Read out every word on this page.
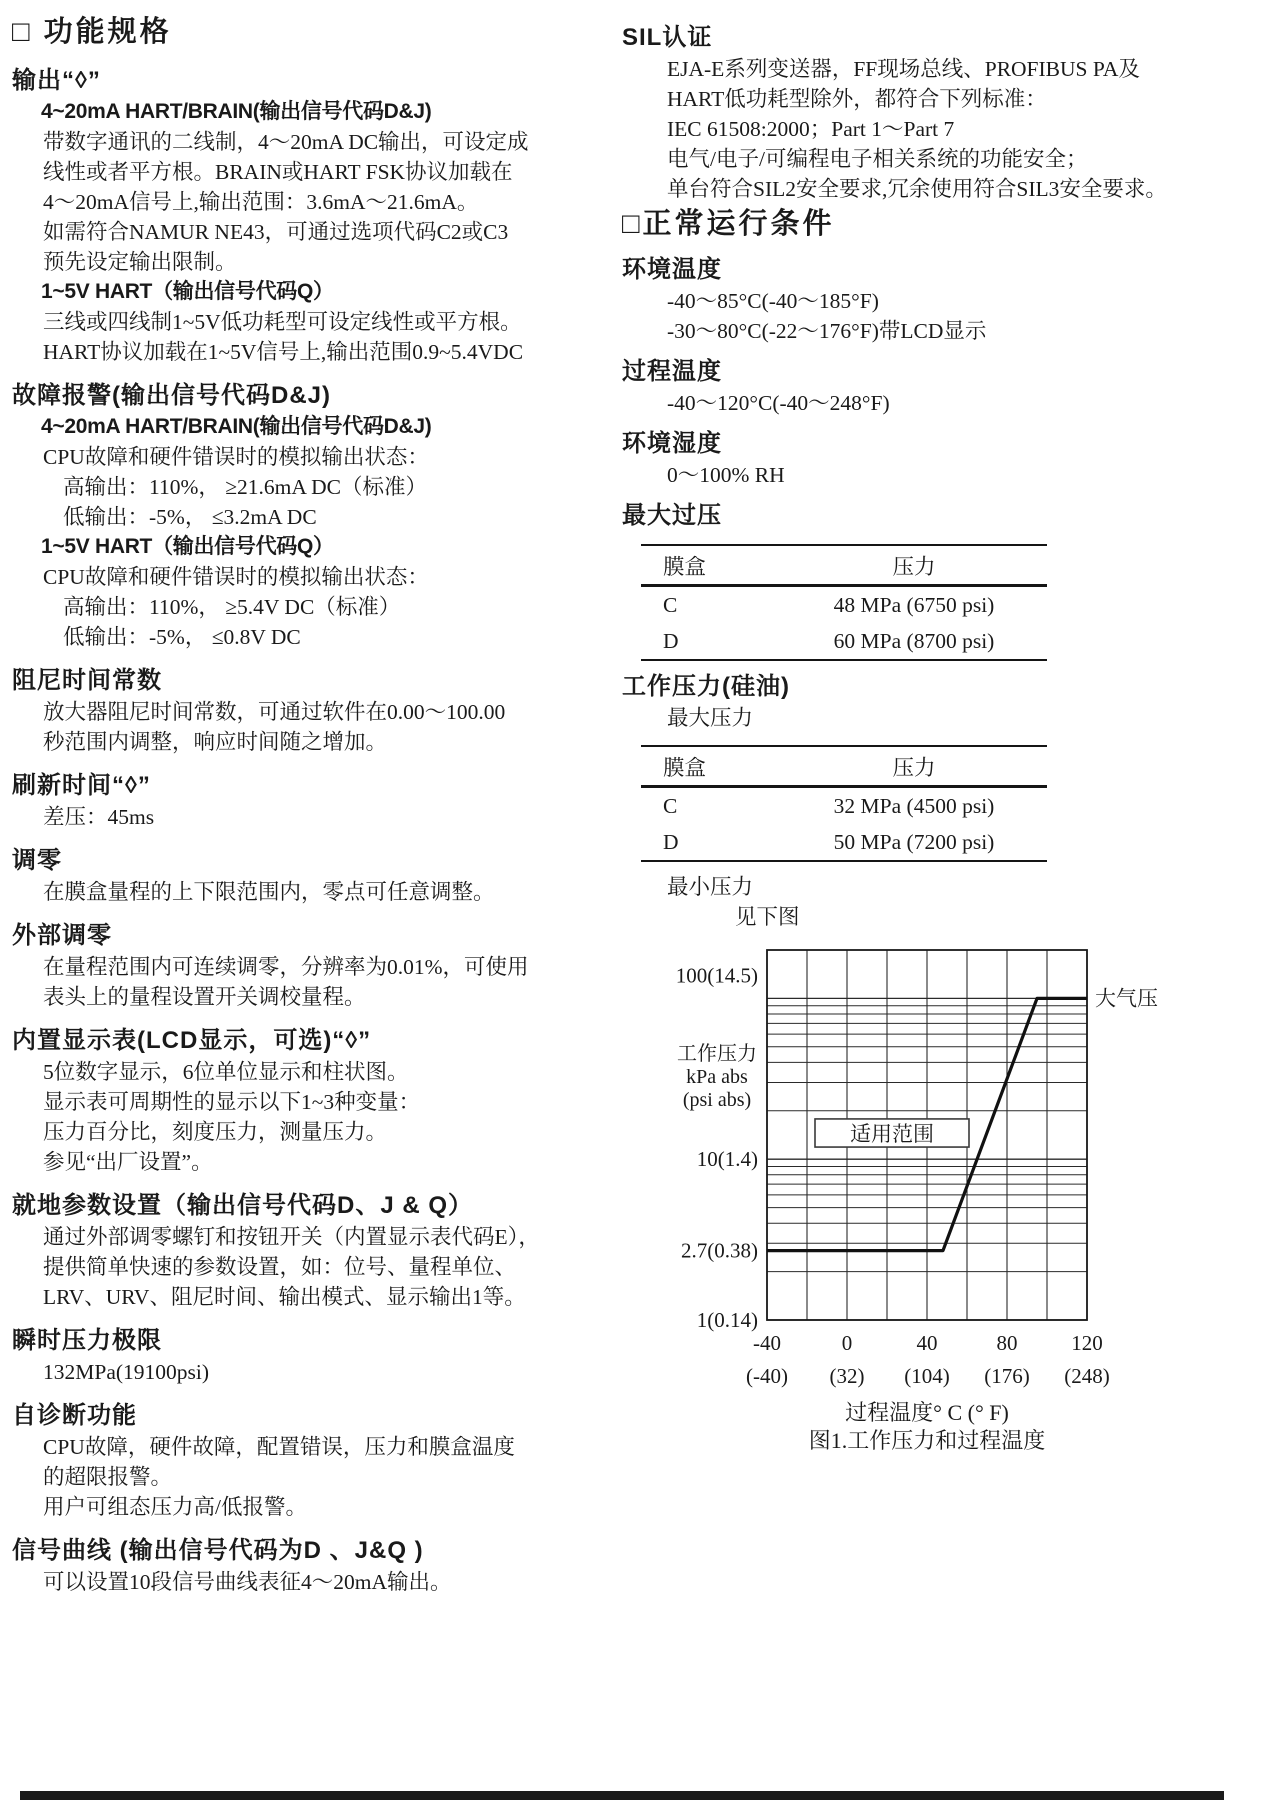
□ 功能规格
输出“◊”
4~20mA HART/BRAIN(输出信号代码D&J)
带数字通讯的二线制，4～20mA DC输出，可设定成
线性或者平方根。BRAIN或HART FSK协议加载在
4～20mA信号上,输出范围：3.6mA～21.6mA。
如需符合NAMUR NE43，可通过选项代码C2或C3
预先设定输出限制。
1~5V HART（输出信号代码Q）
三线或四线制1~5V低功耗型可设定线性或平方根。
HART协议加载在1~5V信号上,输出范围0.9~5.4VDC
故障报警(输出信号代码D&J)
4~20mA HART/BRAIN(输出信号代码D&J)
CPU故障和硬件错误时的模拟输出状态：
高输出：110%， ≥21.6mA DC（标准）
低输出：-5%， ≤3.2mA DC
1~5V HART（输出信号代码Q）
CPU故障和硬件错误时的模拟输出状态：
高输出：110%， ≥5.4V DC（标准）
低输出：-5%， ≤0.8V DC
阻尼时间常数
放大器阻尼时间常数，可通过软件在0.00～100.00
秒范围内调整，响应时间随之增加。
刷新时间“◊”
差压：45ms
调零
在膜盒量程的上下限范围内，零点可任意调整。
外部调零
在量程范围内可连续调零，分辨率为0.01%，可使用
表头上的量程设置开关调校量程。
内置显示表(LCD显示，可选)“◊”
5位数字显示，6位单位显示和柱状图。
显示表可周期性的显示以下1~3种变量：
压力百分比，刻度压力，测量压力。
参见“出厂设置”。
就地参数设置（输出信号代码D、J & Q）
通过外部调零螺钉和按钮开关（内置显示表代码E），
提供简单快速的参数设置，如：位号、量程单位、
LRV、URV、阻尼时间、输出模式、显示输出1等。
瞬时压力极限
132MPa(19100psi)
自诊断功能
CPU故障，硬件故障，配置错误，压力和膜盒温度
的超限报警。
用户可组态压力高/低报警。
信号曲线 (输出信号代码为D 、J&Q )
可以设置10段信号曲线表征4～20mA输出。
SIL认证
EJA-E系列变送器，FF现场总线、PROFIBUS PA及
HART低功耗型除外，都符合下列标准：
IEC 61508:2000；Part 1～Part 7
电气/电子/可编程电子相关系统的功能安全；
单台符合SIL2安全要求,冗余使用符合SIL3安全要求。
□正常运行条件
环境温度
-40～85°C(-40～185°F)
-30～80°C(-22～176°F)带LCD显示
过程温度
-40～120°C(-40～248°F)
环境湿度
0～100% RH
最大过压
膜盒	压力
C	48 MPa (6750 psi)
D	60 MPa (8700 psi)
工作压力(硅油)
最大压力
膜盒	压力
C	32 MPa (4500 psi)
D	50 MPa (7200 psi)
最小压力
见下图
100(14.5)
10(1.4)
2.7(0.38)
1(0.14)
工作压力
kPa abs
(psi abs)
-40
(-40)
0
(32)
40
(104)
80
(176)
120
(248)
适用范围
大气压
过程温度° C (° F)
图1.工作压力和过程温度
